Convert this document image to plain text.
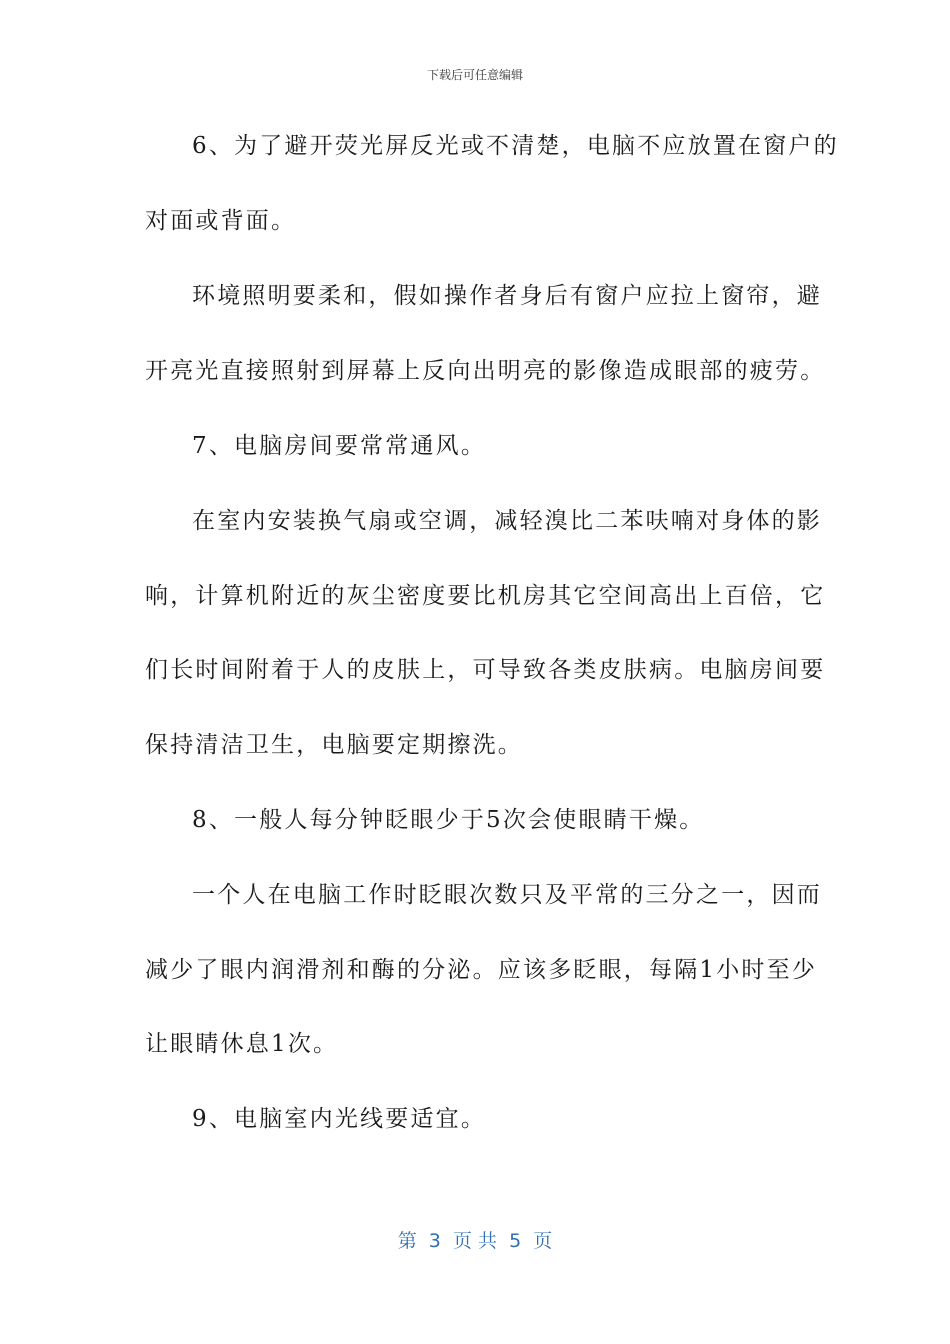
下载后可任意编辑
6、为了避开荧光屏反光或不清楚，电脑不应放置在窗户的
对面或背面。
环境照明要柔和，假如操作者身后有窗户应拉上窗帘，避
开亮光直接照射到屏幕上反向出明亮的影像造成眼部的疲劳。
7、电脑房间要常常通风。
在室内安装换气扇或空调，减轻溴比二苯呋喃对身体的影
响，计算机附近的灰尘密度要比机房其它空间高出上百倍，它
们长时间附着于人的皮肤上，可导致各类皮肤病。电脑房间要
保持清洁卫生，电脑要定期擦洗。
8、一般人每分钟眨眼少于5次会使眼睛干燥。
一个人在电脑工作时眨眼次数只及平常的三分之一，因而
减少了眼内润滑剂和酶的分泌。应该多眨眼，每隔1小时至少
让眼睛休息1次。
9、电脑室内光线要适宜。
第  3  页 共  5  页
